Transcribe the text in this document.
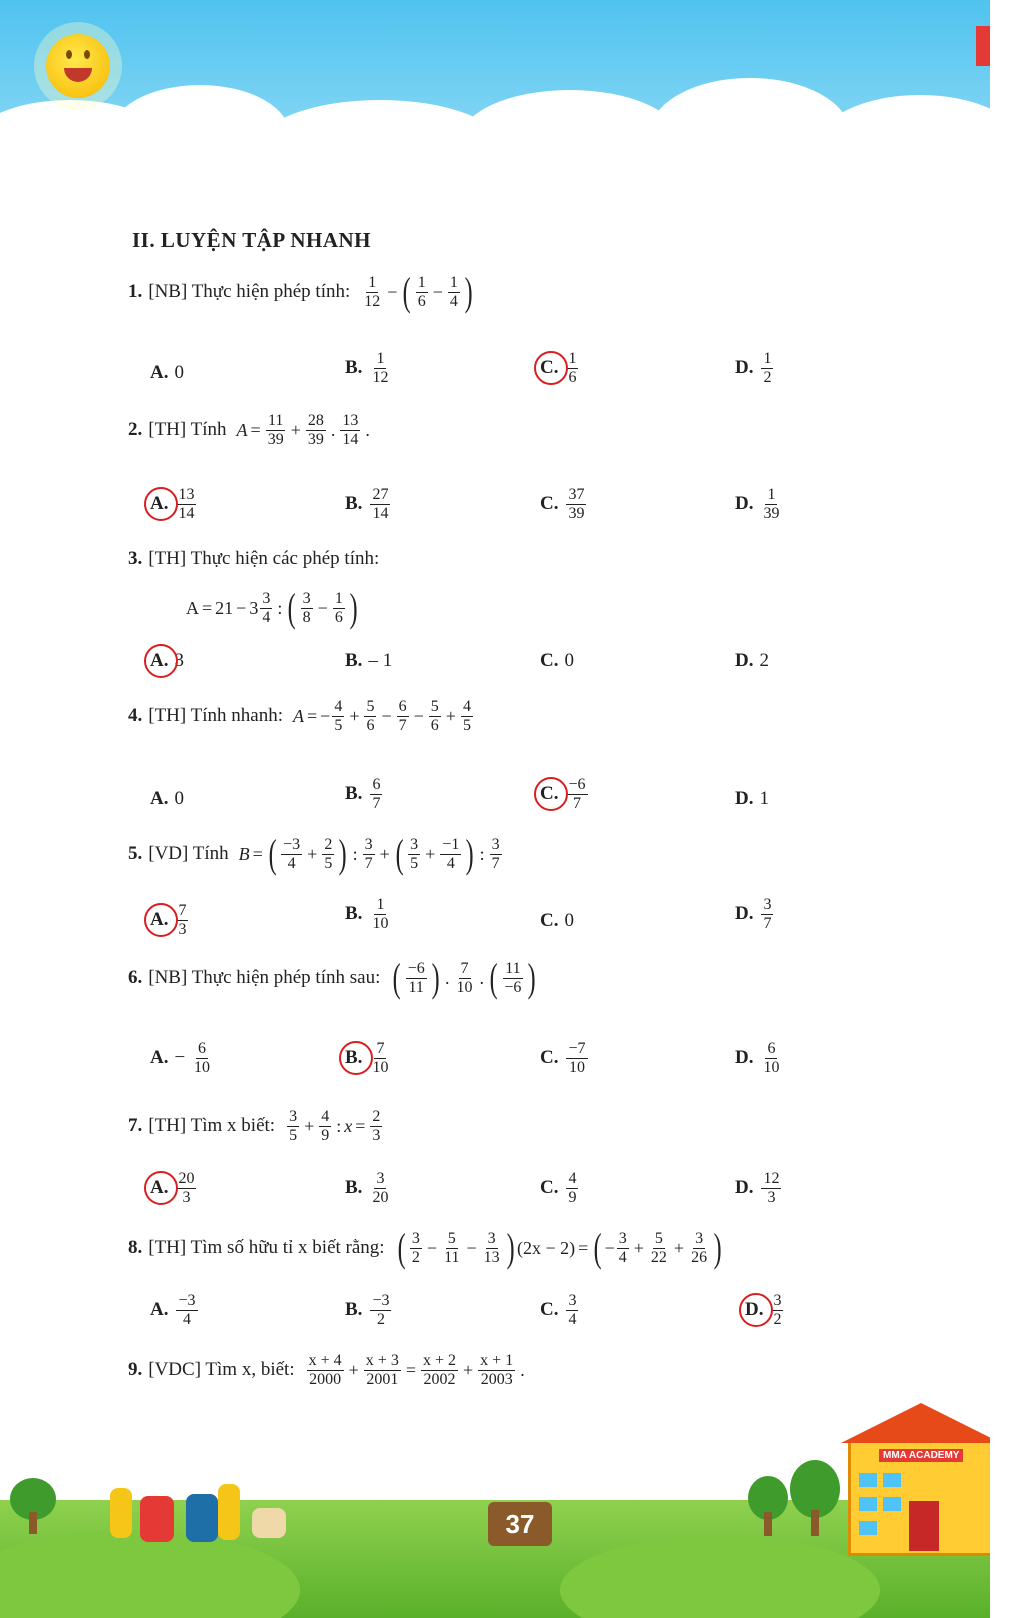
II. LUYỆN TẬP NHANH
1. [NB] Thực hiện phép tính: $\frac{1}{12}$ − ( $\frac{1}{6} - \frac{1}{4}$ )
A. 0	B. $\frac{1}{12}$	C. $\frac{1}{6}$	D. $\frac{1}{2}$
2. [TH] Tính $A = \frac{11}{39} + \frac{28}{39}$ . $\frac{13}{14}$ .
A. $\frac{13}{14}$	B. $\frac{27}{14}$	C. $\frac{37}{39}$	D. $\frac{1}{39}$
3. [TH] Thực hiện các phép tính:
$A = 21 - 3 \frac{3}{4}$ : ( $\frac{3}{8} - \frac{1}{6}$ )
A. 3	B. – 1	C. 0	D. 2
4. [TH] Tính nhanh: A = − $\frac{4}{5} + \frac{5}{6} - \frac{6}{7} - \frac{5}{6} + \frac{4}{5}$
A. 0	B. $\frac{6}{7}$	C. $\frac{-6}{7}$	D. 1
5. [VD] Tính B = ( $\frac{-3}{4} + \frac{2}{5}$ ) : $\frac{3}{7}$ + ( $\frac{3}{5} + \frac{-1}{4}$ ) : $\frac{3}{7}$
A. $\frac{7}{3}$	B. $\frac{1}{10}$	C. 0	D. $\frac{3}{7}$
6. [NB] Thực hiện phép tính sau: ( $\frac{-6}{11}$ ) . $\frac{7}{10}$ . ( $\frac{11}{-6}$ )
A. − $\frac{6}{10}$	B. $\frac{7}{10}$	C. $\frac{-7}{10}$	D. $\frac{6}{10}$
7. [TH] Tìm x biết: $\frac{3}{5} + \frac{4}{9}$ : $x = \frac{2}{3}$
A. $\frac{20}{3}$	B. $\frac{3}{20}$	C. $\frac{4}{9}$	D. $\frac{12}{3}$
8. [TH] Tìm số hữu tỉ x biết rằng: ( $\frac{3}{2} - \frac{5}{11} - \frac{3}{13}$ ) (2x − 2) = ( − $\frac{3}{4} + \frac{5}{22} + \frac{3}{26}$ )
A. $\frac{-3}{4}$	B. $\frac{-3}{2}$	C. $\frac{3}{4}$	D. $\frac{3}{2}$
9. [VDC] Tìm x, biết: $\frac{x + 4}{2000} + \frac{x + 3}{2001} = \frac{x + 2}{2002} + \frac{x + 1}{2003}$ .
37
MMA ACADEMY
